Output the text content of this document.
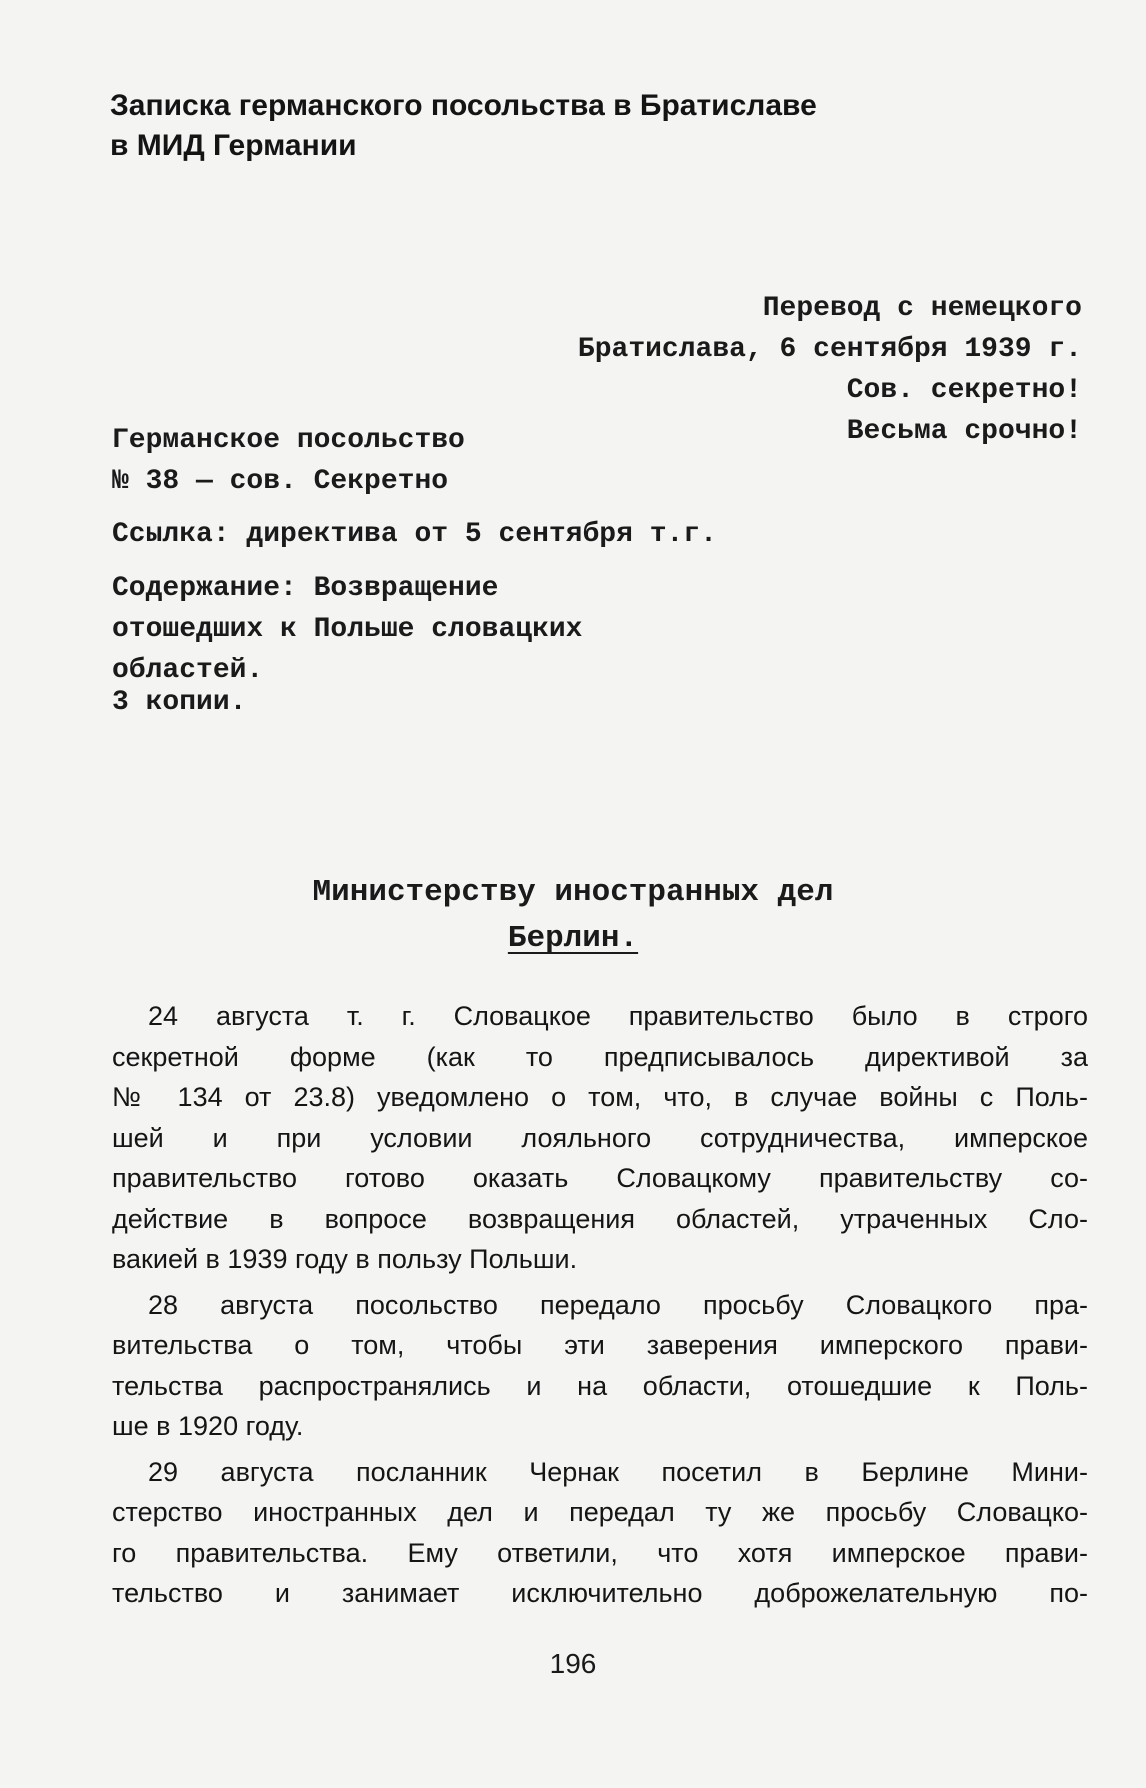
Записка германского посольства в Братиславе
в МИД Германии
Перевод с немецкого
Братислава, 6 сентября 1939 г.
Сов. секретно!
Весьма срочно!
Германское посольство
№ 38 — сов. Секретно
Ссылка: директива от 5 сентября т.г.
Содержание: Возвращение
отошедших к Польше словацких
областей.
3 копии.
Министерству иностранных дел
Берлин.
24 августа т. г. Словацкое правительство было в строго
секретной форме (как то предписывалось директивой за
№ 134 от 23.8) уведомлено о том, что, в случае войны с Поль-
шей и при условии лояльного сотрудничества, имперское
правительство готово оказать Словацкому правительству со-
действие в вопросе возвращения областей, утраченных Сло-
вакией в 1939 году в пользу Польши.
28 августа посольство передало просьбу Словацкого пра-
вительства о том, чтобы эти заверения имперского прави-
тельства распространялись и на области, отошедшие к Поль-
ше в 1920 году.
29 августа посланник Чернак посетил в Берлине Мини-
стерство иностранных дел и передал ту же просьбу Словацко-
го правительства. Ему ответили, что хотя имперское прави-
тельство и занимает исключительно доброжелательную по-
196
